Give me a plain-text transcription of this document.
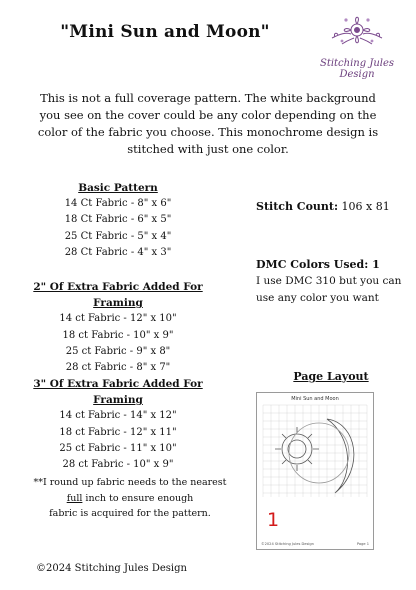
"Mini Sun and Moon"
Stitching Jules Design
This is not a full coverage pattern. The white background you see on the cover could be any color depending on the color of the fabric you choose. This monochrome design is stitched with just one color.
Basic Pattern
14 Ct Fabric - 8" x 6"
18 Ct Fabric - 6" x 5"
25 Ct Fabric - 5" x 4"
28 Ct Fabric - 4" x 3"
2" Of Extra Fabric Added For Framing
14 ct Fabric - 12" x 10"
18 ct Fabric - 10" x 9"
25 ct Fabric - 9" x 8"
28 ct Fabric - 8" x 7"
3" Of Extra Fabric Added For Framing
14 ct Fabric - 14" x 12"
18 ct Fabric - 12" x 11"
25 ct Fabric - 11" x 10"
28 ct Fabric - 10" x 9"
**I round up fabric needs to the nearest
full inch to ensure enough
fabric is acquired for the pattern.
Stitch Count: 106 x 81
DMC Colors Used: 1
I use DMC 310 but you can use any color you want
Page Layout
Mini Sun and Moon
1
©2024 Stitching Jules Design	Page 1
©2024 Stitching Jules Design
